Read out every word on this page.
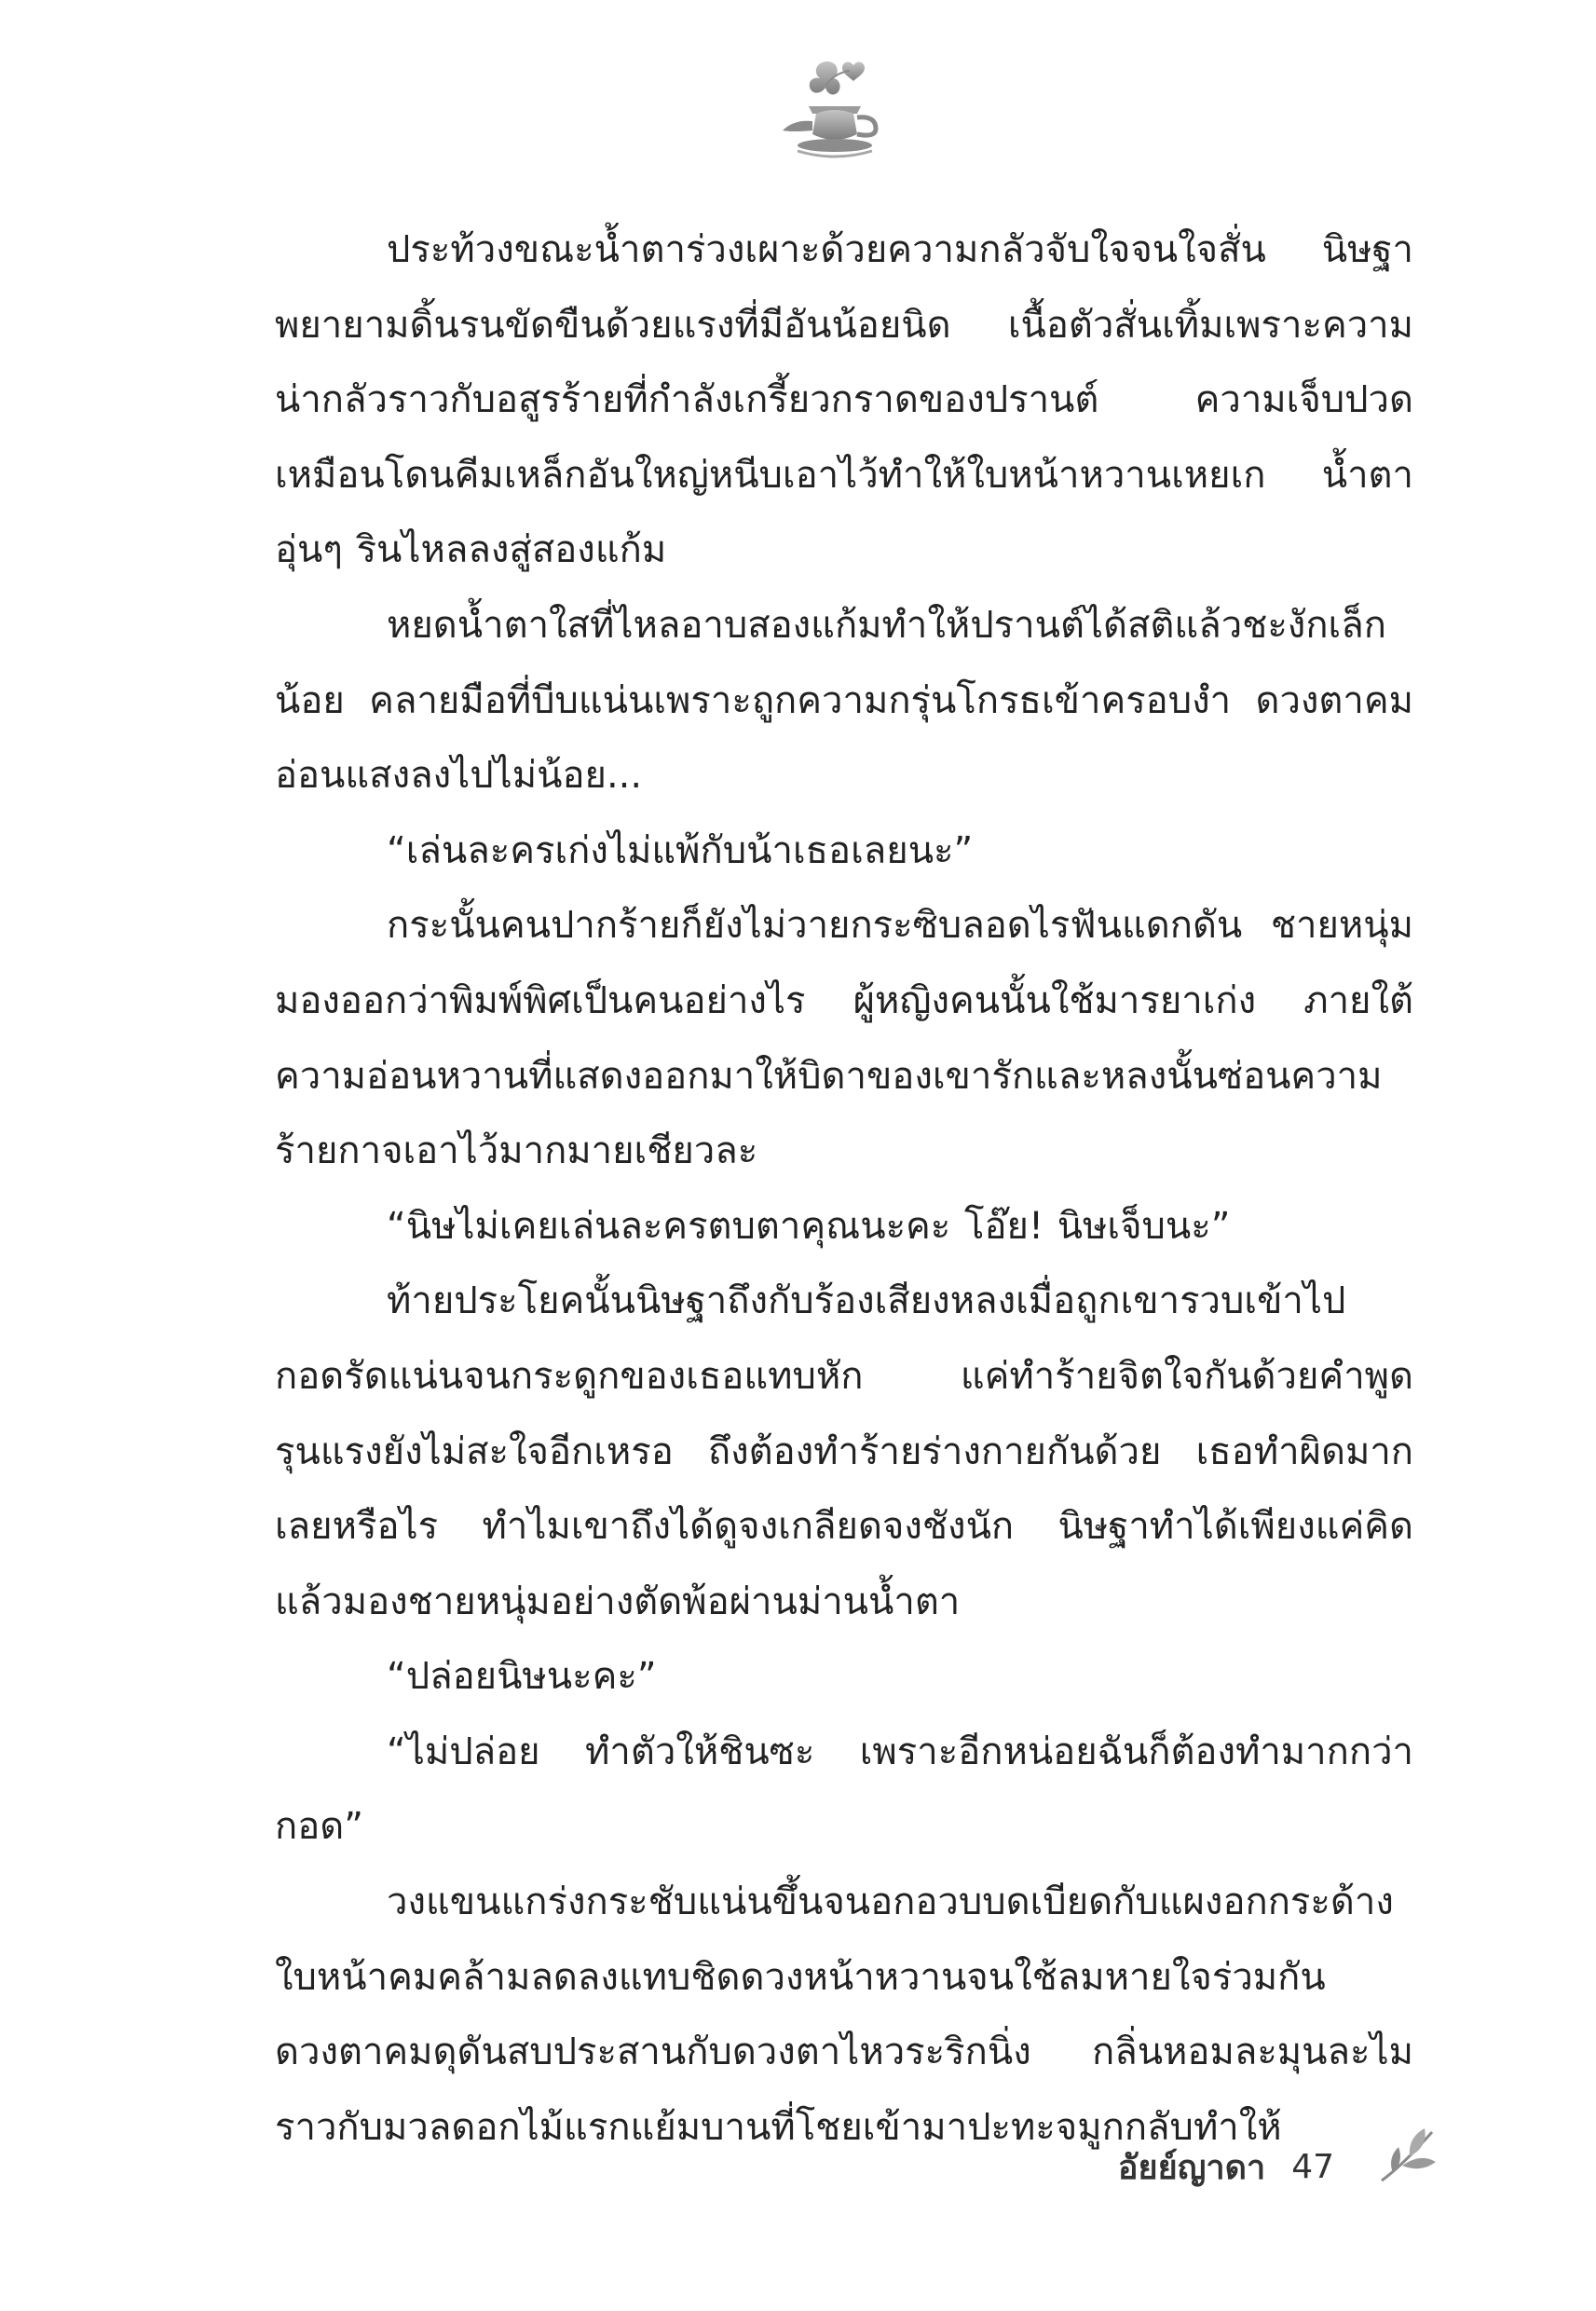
ประท้วงขณะน้ำตาร่วงเผาะด้วยความกลัวจับใจจนใจสั่น นิษฐาพยายามดิ้นรนขัดขืนด้วยแรงที่มีอันน้อยนิด เนื้อตัวสั่นเทิ้มเพราะความน่ากลัวราวกับอสูรร้ายที่กำลังเกรี้ยวกราดของปรานต์ ความเจ็บปวดเหมือนโดนคีมเหล็กอันใหญ่หนีบเอาไว้ทำให้ใบหน้าหวานเหยเก น้ำตาอุ่นๆ รินไหลลงสู่สองแก้ม

หยดน้ำตาใสที่ไหลอาบสองแก้มทำให้ปรานต์ได้สติแล้วชะงักเล็กน้อย คลายมือที่บีบแน่นเพราะถูกความกรุ่นโกรธเข้าครอบงำ ดวงตาคมอ่อนแสงลงไปไม่น้อย...

“เล่นละครเก่งไม่แพ้กับน้าเธอเลยนะ”

กระนั้นคนปากร้ายก็ยังไม่วายกระซิบลอดไรฟันแดกดัน ชายหนุ่มมองออกว่าพิมพ์พิศเป็นคนอย่างไร ผู้หญิงคนนั้นใช้มารยาเก่ง ภายใต้ความอ่อนหวานที่แสดงออกมาให้บิดาของเขารักและหลงนั้นซ่อนความร้ายกาจเอาไว้มากมายเชียวละ

“นิษไม่เคยเล่นละครตบตาคุณนะคะ โอ๊ย! นิษเจ็บนะ”

ท้ายประโยคนั้นนิษฐาถึงกับร้องเสียงหลงเมื่อถูกเขารวบเข้าไปกอดรัดแน่นจนกระดูกของเธอแทบหัก แค่ทำร้ายจิตใจกันด้วยคำพูดรุนแรงยังไม่สะใจอีกเหรอ ถึงต้องทำร้ายร่างกายกันด้วย เธอทำผิดมากเลยหรือไร ทำไมเขาถึงได้ดูจงเกลียดจงชังนัก นิษฐาทำได้เพียงแค่คิดแล้วมองชายหนุ่มอย่างตัดพ้อผ่านม่านน้ำตา

“ปล่อยนิษนะคะ”

“ไม่ปล่อย ทำตัวให้ชินซะ เพราะอีกหน่อยฉันก็ต้องทำมากกว่ากอด”

วงแขนแกร่งกระชับแน่นขึ้นจนอกอวบบดเบียดกับแผงอกกระด้าง ใบหน้าคมคล้ามลดลงแทบชิดดวงหน้าหวานจนใช้ลมหายใจร่วมกัน ดวงตาคมดุดันสบประสานกับดวงตาไหวระริกนิ่ง กลิ่นหอมละมุนละไมราวกับมวลดอกไม้แรกแย้มบานที่โชยเข้ามาปะทะจมูกกลับทำให้

อัยย์ญาดา 47
